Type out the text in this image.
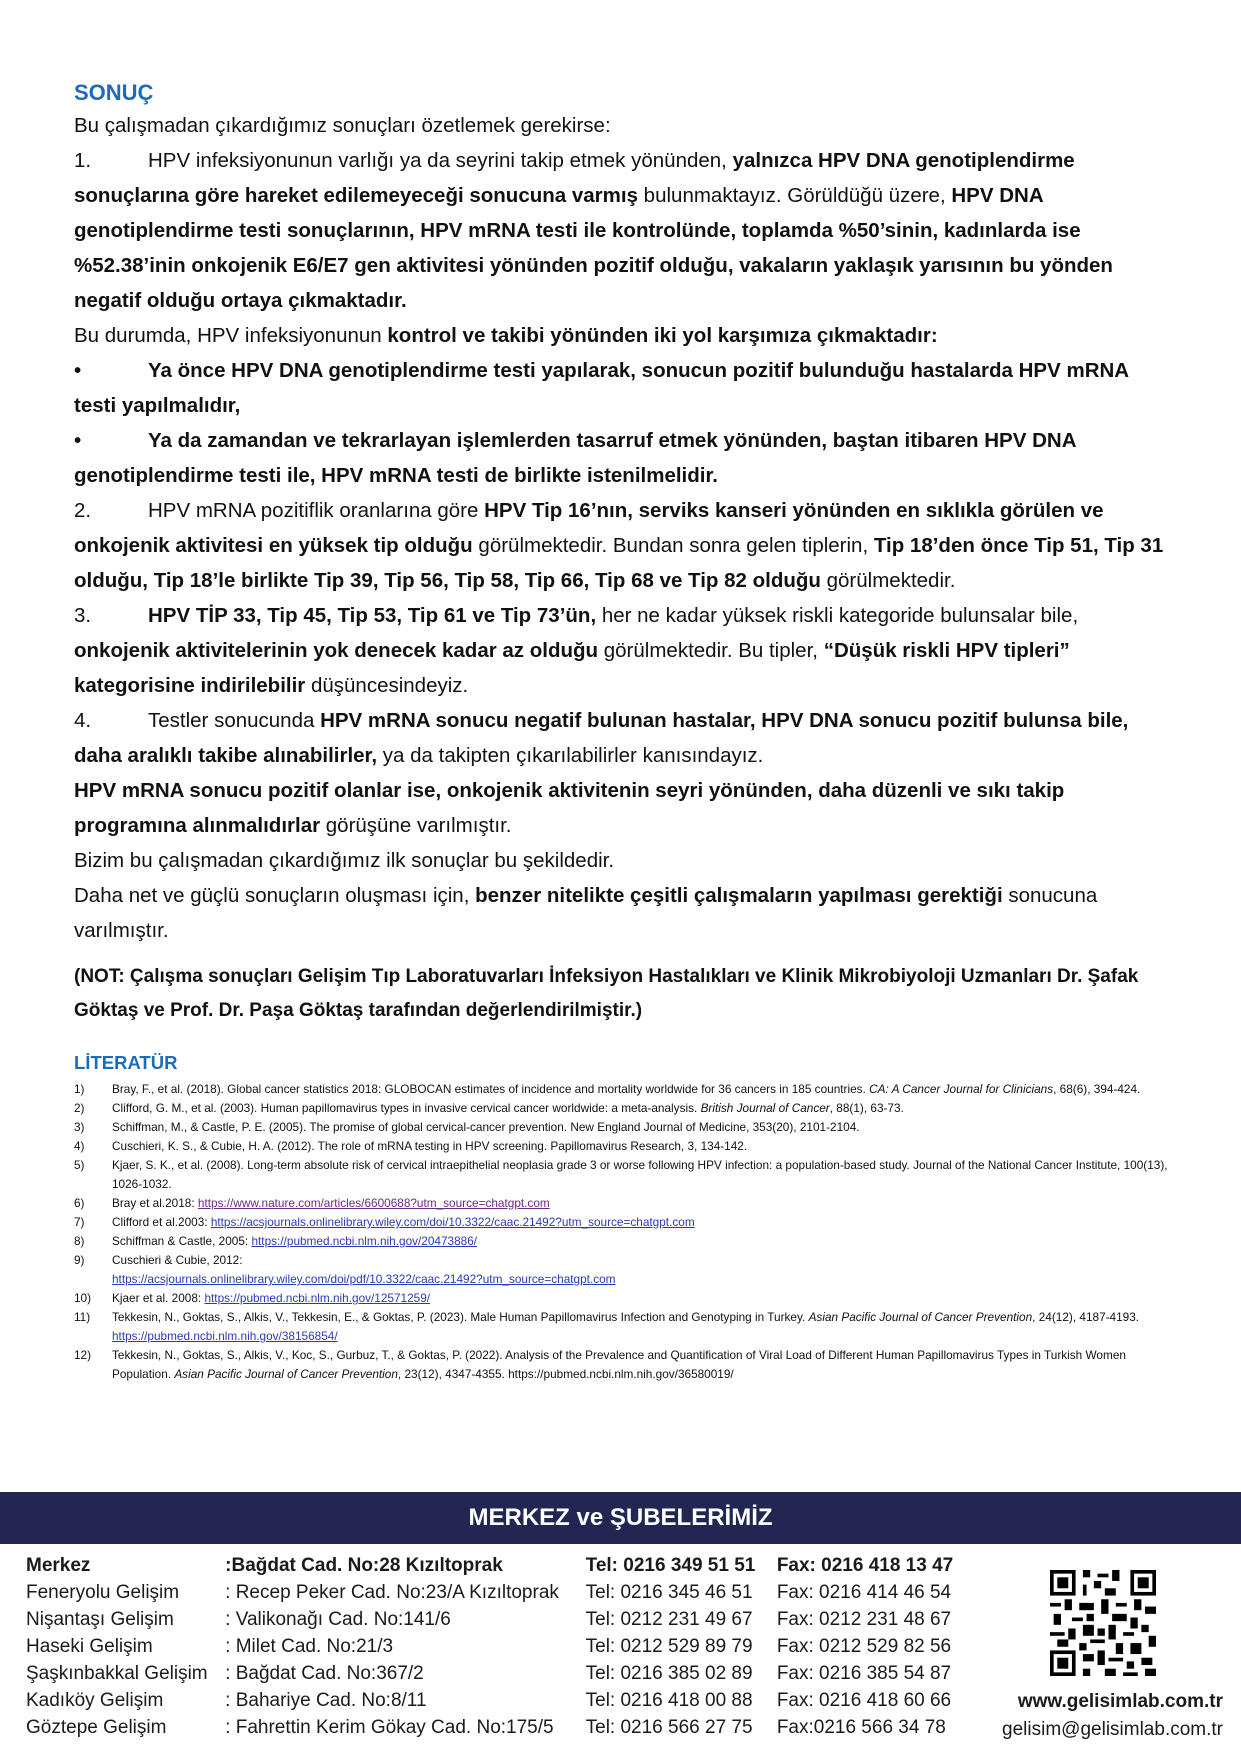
SONUÇ

Bu çalışmadan çıkardığımız sonuçları özetlemek gerekirse:

1.	HPV infeksiyonunun varlığı ya da seyrini takip etmek yönünden, yalnızca HPV DNA genotiplendirme sonuçlarına göre hareket edilemeyeceği sonucuna varmış bulunmaktayız. Görüldüğü üzere, HPV DNA genotiplendirme testi sonuçlarının, HPV mRNA testi ile kontrolünde, toplamda %50’sinin, kadınlarda ise %52.38’inin onkojenik E6/E7 gen aktivitesi yönünden pozitif olduğu, vakaların yaklaşık yarısının bu yönden negatif olduğu ortaya çıkmaktadır.

Bu durumda, HPV infeksiyonunun kontrol ve takibi yönünden iki yol karşımıza çıkmaktadır:

•	Ya önce HPV DNA genotiplendirme testi yapılarak, sonucun pozitif bulunduğu hastalarda HPV mRNA testi yapılmalıdır,

•	Ya da zamandan ve tekrarlayan işlemlerden tasarruf etmek yönünden, baştan itibaren HPV DNA genotiplendirme testi ile, HPV mRNA testi de birlikte istenilmelidir.

2.	HPV mRNA pozitiflik oranlarına göre HPV Tip 16’nın, serviks kanseri yönünden en sıklıkla görülen ve onkojenik aktivitesi en yüksek tip olduğu görülmektedir. Bundan sonra gelen tiplerin, Tip 18’den önce Tip 51, Tip 31 olduğu, Tip 18’le birlikte Tip 39, Tip 56, Tip 58, Tip 66, Tip 68 ve Tip 82 olduğu görülmektedir.

3.	HPV TİP 33, Tip 45, Tip 53, Tip 61 ve Tip 73’ün, her ne kadar yüksek riskli kategoride bulunsalar bile, onkojenik aktivitelerinin yok denecek kadar az olduğu görülmektedir. Bu tipler, “Düşük riskli HPV tipleri” kategorisine indirilebilir düşüncesindeyiz.

4.	Testler sonucunda HPV mRNA sonucu negatif bulunan hastalar, HPV DNA sonucu pozitif bulunsa bile, daha aralıklı takibe alınabilirler, ya da takipten çıkarılabilirler kanısındayız.

HPV mRNA sonucu pozitif olanlar ise, onkojenik aktivitenin seyri yönünden, daha düzenli ve sıkı takip programına alınmalıdırlar görüşüne varılmıştır.

Bizim bu çalışmadan çıkardığımız ilk sonuçlar bu şekildedir.

Daha net ve güçlü sonuçların oluşması için, benzer nitelikte çeşitli çalışmaların yapılması gerektiği sonucuna varılmıştır.

(NOT: Çalışma sonuçları Gelişim Tıp Laboratuvarları İnfeksiyon Hastalıkları ve Klinik Mikrobiyoloji Uzmanları Dr. Şafak Göktaş ve Prof. Dr. Paşa Göktaş tarafından değerlendirilmiştir.)
LİTERATÜR
1)	Bray, F., et al. (2018). Global cancer statistics 2018: GLOBOCAN estimates of incidence and mortality worldwide for 36 cancers in 185 countries. CA: A Cancer Journal for Clinicians, 68(6), 394-424.
2)	Clifford, G. M., et al. (2003). Human papillomavirus types in invasive cervical cancer worldwide: a meta-analysis. British Journal of Cancer, 88(1), 63-73.
3)	Schiffman, M., & Castle, P. E. (2005). The promise of global cervical-cancer prevention. New England Journal of Medicine, 353(20), 2101-2104.
4)	Cuschieri, K. S., & Cubie, H. A. (2012). The role of mRNA testing in HPV screening. Papillomavirus Research, 3, 134-142.
5)	Kjaer, S. K., et al. (2008). Long-term absolute risk of cervical intraepithelial neoplasia grade 3 or worse following HPV infection: a population-based study. Journal of the National Cancer Institute, 100(13), 1026-1032.
6)	Bray et al.2018: https://www.nature.com/articles/6600688?utm_source=chatgpt.com
7)	Clifford et al.2003: https://acsjournals.onlinelibrary.wiley.com/doi/10.3322/caac.21492?utm_source=chatgpt.com
8)	Schiffman & Castle, 2005: https://pubmed.ncbi.nlm.nih.gov/20473886/
9)	Cuschieri & Cubie, 2012:
https://acsjournals.onlinelibrary.wiley.com/doi/pdf/10.3322/caac.21492?utm_source=chatgpt.com
10)	Kjaer et al. 2008: https://pubmed.ncbi.nlm.nih.gov/12571259/
11)	Tekkesin, N., Goktas, S., Alkis, V., Tekkesin, E., & Goktas, P. (2023). Male Human Papillomavirus Infection and Genotyping in Turkey. Asian Pacific Journal of Cancer Prevention, 24(12), 4187-4193. https://pubmed.ncbi.nlm.nih.gov/38156854/
12)	Tekkesin, N., Goktas, S., Alkis, V., Koc, S., Gurbuz, T., & Goktas, P. (2022). Analysis of the Prevalence and Quantification of Viral Load of Different Human Papillomavirus Types in Turkish Women Population. Asian Pacific Journal of Cancer Prevention, 23(12), 4347-4355. https://pubmed.ncbi.nlm.nih.gov/36580019/
MERKEZ ve ŞUBELERİMİZ
Merkez	:Bağdat Cad. No:28 Kızıltoprak	Tel: 0216 349 51 51	Fax: 0216 418 13 47
Feneryolu Gelişim	: Recep Peker Cad. No:23/A Kızıltoprak	Tel: 0216 345 46 51	Fax: 0216 414 46 54
Nişantaşı Gelişim	: Valikonağı Cad. No:141/6	Tel: 0212 231 49 67	Fax: 0212 231 48 67
Haseki Gelişim	: Milet Cad. No:21/3	Tel: 0212 529 89 79	Fax: 0212 529 82 56
Şaşkınbakkal Gelişim : Bağdat Cad. No:367/2	Tel: 0216 385 02 89	Fax: 0216 385 54 87
Kadıköy Gelişim	: Bahariye Cad. No:8/11	Tel: 0216 418 00 88	Fax: 0216 418 60 66
Göztepe Gelişim	: Fahrettin Kerim Gökay Cad. No:175/5	Tel: 0216 566 27 75	Fax:0216 566 34 78
www.gelisimlab.com.tr
gelisim@gelisimlab.com.tr
